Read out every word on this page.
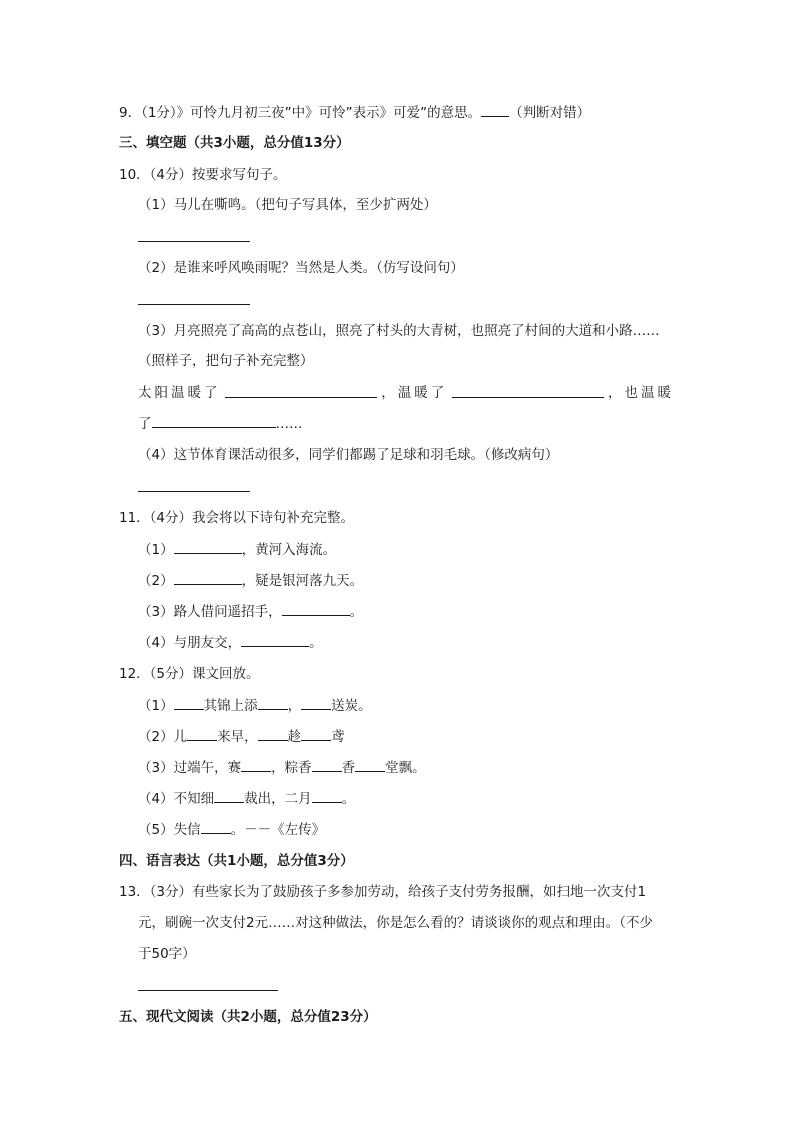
9．（1分）》可怜九月初三夜”中》可怜”表示》可爱”的意思。 （判断对错）
三、填空题（共3小题，总分值13分）
10．（4分）按要求写句子。
（1）马儿在嘶鸣。（把句子写具体，至少扩两处）
（2）是谁来呼风唤雨呢？当然是人类。（仿写设问句）
（3）月亮照亮了高高的点苍山，照亮了村头的大青树，也照亮了村间的大道和小路……
（照样子，把句子补充完整）
太阳温暖了	，温暖了	，也温暖
了	……
（4）这节体育课活动很多，同学们都踢了足球和羽毛球。（修改病句）
11．（4分）我会将以下诗句补充完整。
（1）	，黄河入海流。
（2）	，疑是银河落九天。
（3）路人借问遥招手，	。
（4）与朋友交，	。
12．（5分）课文回放。
（1） 其锦上添 ， 送炭。
（2）儿 来早， 趁 鸢
（3）过端午，赛 ，粽香 香 堂飘。
（4）不知细 裁出，二月 。
（5）失信 。－－《左传》
四、语言表达（共1小题，总分值3分）
13．（3分）有些家长为了鼓励孩子多参加劳动，给孩子支付劳务报酬，如扫地一次支付1
元，刷碗一次支付2元……对这种做法，你是怎么看的？请谈谈你的观点和理由。（不少
于50字）
五、现代文阅读（共2小题，总分值23分）
